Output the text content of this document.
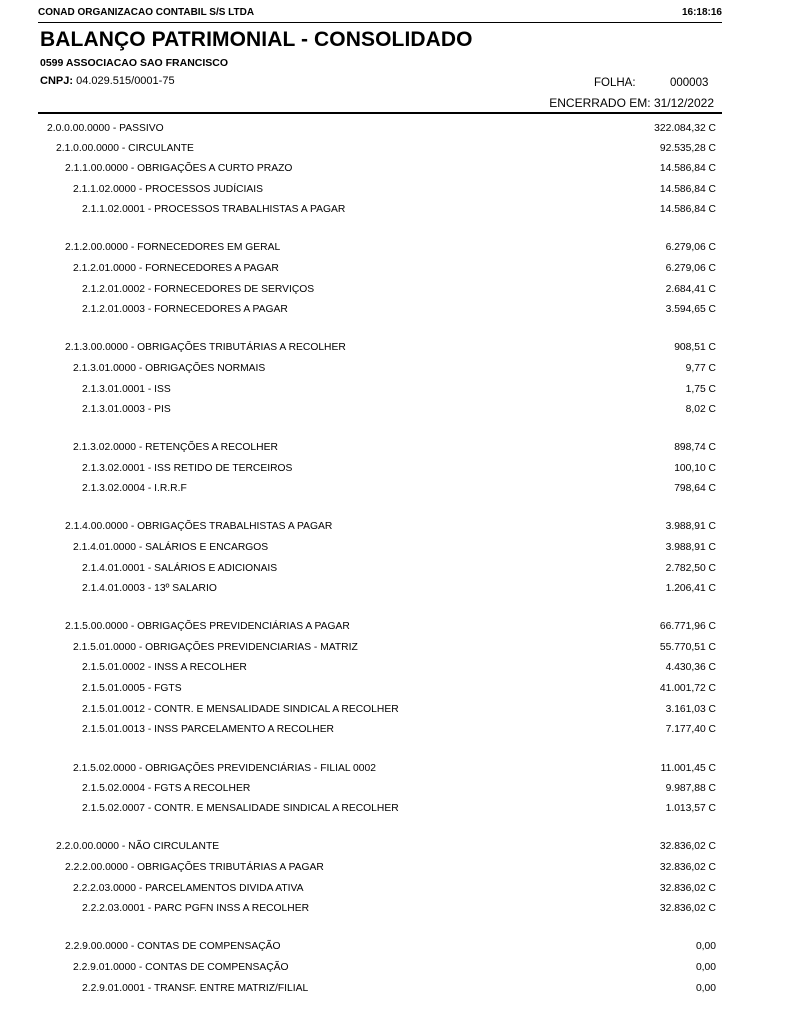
CONAD ORGANIZACAO CONTABIL S/S LTDA	16:18:16
BALANÇO PATRIMONIAL - CONSOLIDADO
0599 ASSOCIACAO SAO FRANCISCO
CNPJ: 04.029.515/0001-75	FOLHA:	000003
ENCERRADO EM: 31/12/2022
2.0.0.00.0000 - PASSIVO	322.084,32 C
2.1.0.00.0000 - CIRCULANTE	92.535,28 C
2.1.1.00.0000 - OBRIGAÇÕES A CURTO PRAZO	14.586,84 C
2.1.1.02.0000 - PROCESSOS JUDÍCIAIS	14.586,84 C
2.1.1.02.0001 - PROCESSOS TRABALHISTAS A PAGAR	14.586,84 C
2.1.2.00.0000 - FORNECEDORES EM GERAL	6.279,06 C
2.1.2.01.0000 - FORNECEDORES A PAGAR	6.279,06 C
2.1.2.01.0002 - FORNECEDORES DE SERVIÇOS	2.684,41 C
2.1.2.01.0003 - FORNECEDORES A PAGAR	3.594,65 C
2.1.3.00.0000 - OBRIGAÇÕES TRIBUTÁRIAS A RECOLHER	908,51 C
2.1.3.01.0000 - OBRIGAÇÕES NORMAIS	9,77 C
2.1.3.01.0001 - ISS	1,75 C
2.1.3.01.0003 - PIS	8,02 C
2.1.3.02.0000 - RETENÇÕES A RECOLHER	898,74 C
2.1.3.02.0001 - ISS RETIDO DE TERCEIROS	100,10 C
2.1.3.02.0004 - I.R.R.F	798,64 C
2.1.4.00.0000 - OBRIGAÇÕES TRABALHISTAS A PAGAR	3.988,91 C
2.1.4.01.0000 - SALÁRIOS E ENCARGOS	3.988,91 C
2.1.4.01.0001 - SALÁRIOS E ADICIONAIS	2.782,50 C
2.1.4.01.0003 - 13º SALARIO	1.206,41 C
2.1.5.00.0000 - OBRIGAÇÕES PREVIDENCIÁRIAS A PAGAR	66.771,96 C
2.1.5.01.0000 - OBRIGAÇÕES PREVIDENCIARIAS - MATRIZ	55.770,51 C
2.1.5.01.0002 - INSS A RECOLHER	4.430,36 C
2.1.5.01.0005 - FGTS	41.001,72 C
2.1.5.01.0012 - CONTR. E MENSALIDADE SINDICAL A RECOLHER	3.161,03 C
2.1.5.01.0013 - INSS PARCELAMENTO A RECOLHER	7.177,40 C
2.1.5.02.0000 - OBRIGAÇÕES PREVIDENCIÁRIAS - FILIAL 0002	11.001,45 C
2.1.5.02.0004 - FGTS A RECOLHER	9.987,88 C
2.1.5.02.0007 - CONTR. E MENSALIDADE SINDICAL A RECOLHER	1.013,57 C
2.2.0.00.0000 - NÃO CIRCULANTE	32.836,02 C
2.2.2.00.0000 - OBRIGAÇÕES TRIBUTÁRIAS A PAGAR	32.836,02 C
2.2.2.03.0000 - PARCELAMENTOS DIVIDA ATIVA	32.836,02 C
2.2.2.03.0001 - PARC PGFN INSS A RECOLHER	32.836,02 C
2.2.9.00.0000 - CONTAS DE COMPENSAÇÃO	0,00
2.2.9.01.0000 - CONTAS DE COMPENSAÇÃO	0,00
2.2.9.01.0001 - TRANSF. ENTRE MATRIZ/FILIAL	0,00
